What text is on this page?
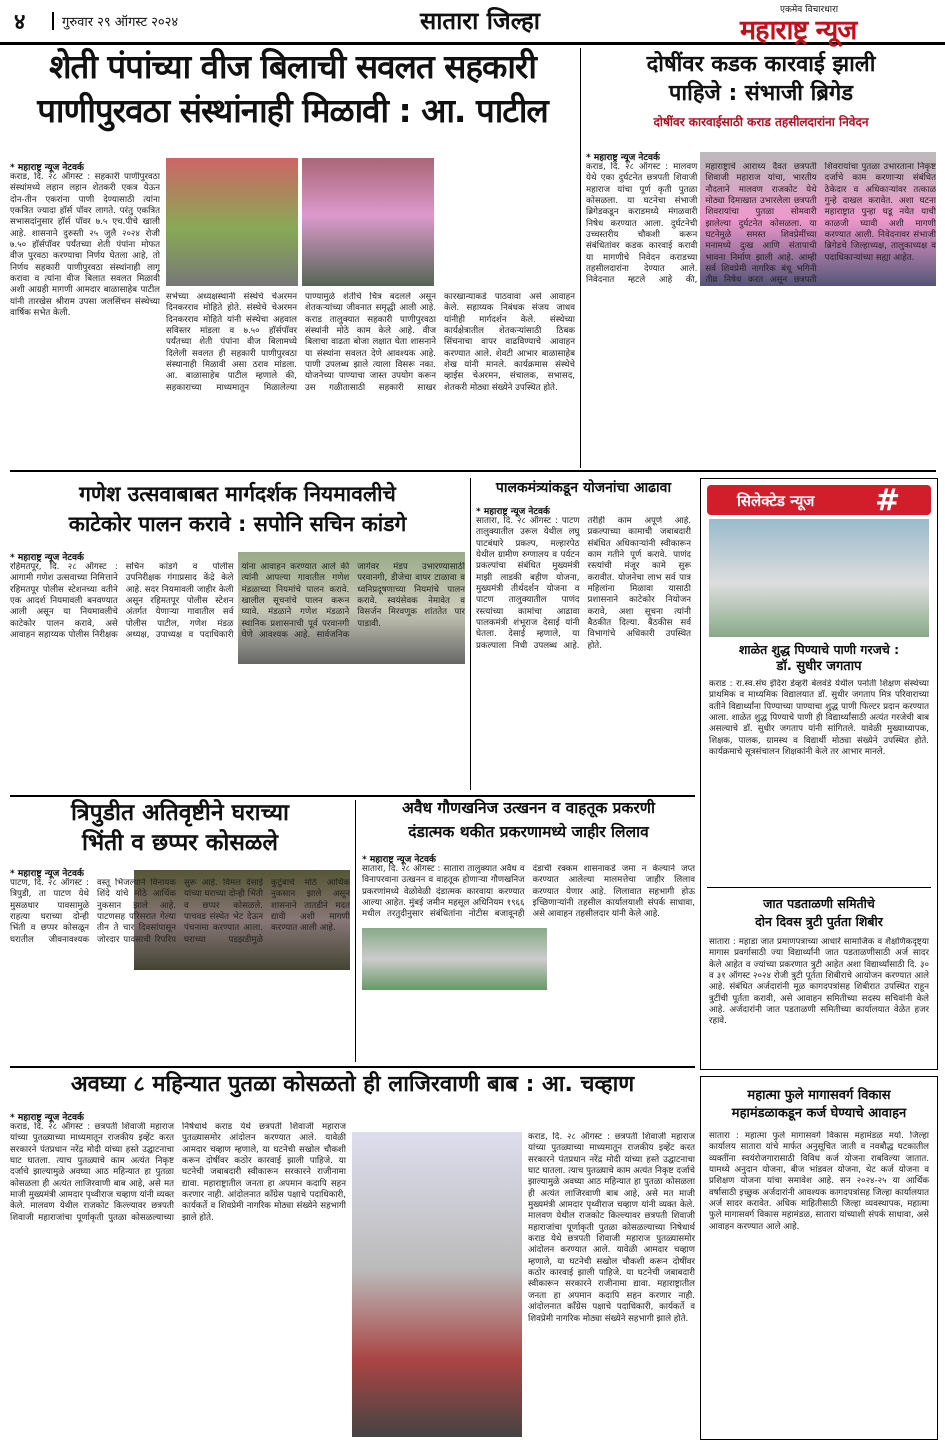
४	गुरुवार २९ ऑगस्ट २०२४	सातारा जिल्हा	एकमेव विचारधारा
महाराष्ट्र न्यूज
शेती पंपांच्या वीज बिलाची सवलत सहकारी
पाणीपुरवठा संस्थांनाही मिळावी : आ. पाटील
* महाराष्ट्र न्यूज नेटवर्क

कराड, दि. २८ ऑगस्ट : सहकारी पाणीपुरवठा संस्थांमध्ये लहान लहान शेतकरी एकत्र येऊन दोन-तीन एकरांना पाणी देण्यासाठी त्यांना एकत्रित ज्यादा हॉर्स पॉवर लागते. परंतु एकत्रित सभासदांनुसार हॉर्स पॉवर ७.५ एच.पीचे खाली आहे. शासनाने दुरुस्ती २५ जुलै २०२४ रोजी ७.५० हॉर्सपॉवर पर्यंतच्या शेती पंपांना मोफत वीज पुरवठा करण्याचा निर्णय घेतला आहे, तो निर्णय सहकारी पाणीपुरवठा संस्थांनाही लागू करावा व त्यांना वीज बिलात सवलत मिळावी अशी आग्रही मागणी आमदार बाळासाहेब पाटील यांनी तारखेस श्रीराम उपसा जलसिंचन संस्थेच्या वार्षिक सभेत केली.

सभेच्या अध्यक्षस्थानी संस्थेचे चेअरमन दिनकरराव मोहिते होते. संस्थेचे चेअरमन दिनकरराव मोहिते यांनी संस्थेचा अहवाल सविस्तर मांडला व ७.५० हॉर्सपॉवर पर्यंतच्या शेती पंपांना वीज बिलामध्ये दिलेली सवलत ही सहकारी पाणीपुरवठा संस्थानाही मिळावी असा ठराव मांडला. आ. बाळासाहेब पाटील म्हणाले की, सहकाराच्या माध्यमातून मिळालेल्या पाण्यामुळे शेतीचे चित्र बदलले असून शेतकऱ्यांच्या जीवनात समृद्धी आली आहे. कराड तालुक्यात सहकारी पाणीपुरवठा संस्थांनी मोठे काम केले आहे. वीज बिलाचा वाढता बोजा लक्षात घेता शासनाने या संस्थांना सवलत देणे आवश्यक आहे. पाणी उपलब्ध झाले त्याला विसरू नका. योजनेच्या पाण्याचा जास्त उपयोग करून उस गळीतासाठी सहकारी साखर कारखान्याकडे पाठवावा असे आवाहन केले. सहाय्यक निबंधक संजय जाधव यांनीही मार्गदर्शन केले. संस्थेच्या कार्यक्षेत्रातील शेतकऱ्यांसाठी ठिबक सिंचनाचा वापर वाढविण्याचे आवाहन करण्यात आले. शेवटी आभार बाळासाहेब शेख यांनी मानले. कार्यक्रमास संस्थेचे व्हाईस चेअरमन, संचालक, सभासद, शेतकरी मोठ्या संख्येने उपस्थित होते.

दोषींवर कडक कारवाई झाली
पाहिजे : संभाजी ब्रिगेड
दोषींवर कारवाईसाठी कराड तहसीलदारांना निवेदन
* महाराष्ट्र न्यूज नेटवर्क

कराड, दि. २८ ऑगस्ट : मालवण येथे एका दुर्घटनेत छत्रपती शिवाजी महाराज यांचा पूर्ण कृती पुतळा कोसळला. या घटनेचा संभाजी ब्रिगेडकडून कराडमध्ये मंगळवारी निषेध करण्यात आला. दुर्घटनेची उच्चस्तरीय चौकशी करून संबंधितांवर कडक कारवाई करावी या मागणीचे निवेदन कराडच्या तहसीलदारांना देण्यात आले. निवेदनात म्हटले आहे की, महाराष्ट्राचे आराध्य दैवत छत्रपती शिवाजी महाराज यांचा, भारतीय नौदलाने मालवण राजकोट येथे मोठ्या दिमाखात उभारलेला छत्रपती शिवरायांचा पुतळा सोमवारी झालेल्या दुर्घटनेत कोसळला. या घटनेमुळे समस्त शिवप्रेमींच्या मनामध्ये दुःख आणि संतापाची भावना निर्माण झाली आहे. आम्ही सर्व शिवप्रेमी नागरिक बंधू भगिनी तीव्र निषेध करत असून छत्रपती शिवरायांचा पुतळा उभारताना निकृष्ट दर्जाचे काम करणाऱ्या संबंधित ठेकेदार व अधिकाऱ्यांवर तत्काळ गुन्हे दाखल करावेत. अशा घटना महाराष्ट्रात पुन्हा घडू नयेत याची काळजी घ्यावी अशी मागणी करण्यात आली. निवेदनावर संभाजी ब्रिगेडचे जिल्हाध्यक्ष, तालुकाध्यक्ष व पदाधिकाऱ्यांच्या सह्या आहेत.

गणेश उत्सवाबाबत मार्गदर्शक नियमावलीचे
काटेकोर पालन करावे : सपोनि सचिन कांडगे
* महाराष्ट्र न्यूज नेटवर्क

रहिमतपूर, दि. २८ ऑगस्ट : आगामी गणेश उत्सवाच्या निमित्ताने रहिमतपूर पोलीस स्टेशनच्या वतीने एक आदर्श नियमावली बनवण्यात आली असून या नियमावलीचे काटेकोर पालन करावे, असे आवाहन सहाय्यक पोलीस निरीक्षक सचिन कांडगे व पोलीस उपनिरीक्षक गंगाप्रसाद केंद्रे केले आहे. सदर नियमावली जाहीर केली असून रहिमतपूर पोलीस स्टेशन अंतर्गत येणाऱ्या गावातील सर्व पोलीस पाटील, गणेश मंडळ अध्यक्ष, उपाध्यक्ष व पदाधिकारी यांना आवाहन करण्यात आले की त्यांनी आपल्या गावातील गणेश मंडळाच्या नियमांचे पालन करावे. खालील सूचनांचे पालन करून घ्यावे. मंडळाने गणेश मंडळाने स्थानिक प्रशासनाची पूर्व परवानगी घेणे आवश्यक आहे. सार्वजनिक जागेवर मंडप उभारण्यासाठी परवानगी, डीजेचा वापर टाळावा व ध्वनिप्रदूषणाच्या नियमांचे पालन करावे. स्वयंसेवक नेमावेत व विसर्जन मिरवणूक शांततेत पार पाडावी.

पालकमंत्र्यांकडून योजनांचा आढावा
* महाराष्ट्र न्यूज नेटवर्क

सातारा, दि. २८ ऑगस्ट : पाटण तालुक्यातील उरूल येथील लघु पाटबंधारे प्रकल्प, मल्हारपेठ येथील ग्रामीण रुग्णालय व पर्यटन प्रकल्पांचा संबंधित मुख्यमंत्री माझी लाडकी बहीण योजना, मुख्यमंत्री तीर्थदर्शन योजना व पाटण तालुक्यातील पाणंद रस्त्यांच्या कामांचा आढावा पालकमंत्री शंभूराज देसाई यांनी घेतला. देसाई म्हणाले, या प्रकल्पाला निधी उपलब्ध आहे. तरीही काम अपूर्ण आहे. प्रकल्पाच्या कामाची जबाबदारी संबंधित अधिकाऱ्यांनी स्वीकारून काम गतीने पूर्ण करावे. पाणंद रस्त्यांची मंजूर कामे सुरू करावीत. योजनेचा लाभ सर्व पात्र महिलांना मिळावा यासाठी प्रशासनाने काटेकोर नियोजन करावे, अशा सूचना त्यांनी बैठकीत दिल्या. बैठकीस सर्व विभागांचे अधिकारी उपस्थित होते.

सिलेक्टेड न्यूज #
शाळेत शुद्ध पिण्याचे पाणी गरजचे :
डॉ. सुधीर जगताप

कराड : रा.स्व.संघ इंदिरा डेव्हरी बेलवंडे येथील पनोती शिक्षण संस्थेच्या प्राथमिक व माध्यमिक विद्यालयात डॉ. सुधीर जगताप मित्र परिवाराच्या वतीने विद्यार्थ्यांना पिण्याच्या पाण्याचा शुद्ध पाणी फिल्टर प्रदान करण्यात आला. शाळेत शुद्ध पिण्याचे पाणी ही विद्यार्थ्यांसाठी अत्यंत गरजेची बाब असल्याचे डॉ. सुधीर जगताप यांनी सांगितले. यावेळी मुख्याध्यापक, शिक्षक, पालक, ग्रामस्थ व विद्यार्थी मोठ्या संख्येने उपस्थित होते. कार्यक्रमाचे सूत्रसंचालन शिक्षकांनी केले तर आभार मानले.

जात पडताळणी समितीचे
दोन दिवस त्रुटी पुर्तता शिबीर

सातारा : महाडा जात प्रमाणपत्राच्या आधारे सामाजिक व शैक्षणिकदृष्ट्या मागास प्रवर्गासाठी ज्या विद्यार्थ्यांनी जात पडताळणीसाठी अर्ज सादर केले आहेत व ज्यांच्या प्रकरणात त्रुटी आहेत अशा विद्यार्थ्यांसाठी दि. ३० व ३१ ऑगस्ट २०२४ रोजी त्रुटी पूर्तता शिबीराचे आयोजन करण्यात आले आहे. संबंधित अर्जदारांनी मूळ कागदपत्रांसह शिबीरात उपस्थित राहून त्रुटींची पूर्तता करावी, असे आवाहन समितीच्या सदस्य सचिवांनी केले आहे. अर्जदारांनी जात पडताळणी समितीच्या कार्यालयात वेळेत हजर रहावे.

त्रिपुडीत अतिवृष्टीने घराच्या
भिंती व छप्पर कोसळले
* महाराष्ट्र न्यूज नेटवर्क

पाटण, दि. २८ ऑगस्ट : त्रिपुडी, ता पाटण येथे मुसळधार पावसामुळे राहत्या घराच्या दोन्ही भिंती व छप्पर कोसळून घरातील जीवनावश्यक वस्तू भिजल्याने विनायक शिंदे यांचे मोठे आर्थिक नुकसान झाले आहे. पाटणसह परिसरात गेल्या तीन ते चार दिवसांपासून जोरदार पावसाची रिपरिप सुरू आहे. विमल देसाई यांच्या घराच्या दोन्ही भिंती व छप्पर कोसळले. पाचवड संस्थेत भेट देऊन पंचनामा करण्यात आला. घराच्या पडझडीमुळे कुटुंबाचे मोठे आर्थिक नुकसान झाले असून शासनाने तातडीने मदत द्यावी अशी मागणी करण्यात आली आहे.

अवैध गौणखनिज उत्खनन व वाहतूक प्रकरणी
दंडात्मक थकीत प्रकरणामध्ये जाहीर लिलाव
* महाराष्ट्र न्यूज नेटवर्क

सातारा, दि. २८ ऑगस्ट : सातारा तालुक्यात अवैध व विनापरवाना उत्खनन व वाहतूक होणाऱ्या गौणखनिज प्रकरणांमध्ये वेळोवेळी दंडात्मक कारवाया करण्यात आल्या आहेत. मुंबई जमीन महसूल अधिनियम १९६६ मधील तरतुदीनुसार संबंधितांना नोटीस बजावूनही दंडाची रक्कम शासनाकडे जमा न केल्याने जप्त करण्यात आलेल्या मालमत्तेचा जाहीर लिलाव करण्यात येणार आहे. लिलावात सहभागी होऊ इच्छिणाऱ्यांनी तहसील कार्यालयाशी संपर्क साधावा, असे आवाहन तहसीलदार यांनी केले आहे.

अवघ्या ८ महिन्यात पुतळा कोसळतो ही लाजिरवाणी बाब : आ. चव्हाण
* महाराष्ट्र न्यूज नेटवर्क

कराड, दि. २८ ऑगस्ट : छत्रपती शिवाजी महाराज यांच्या पुतळ्याच्या माध्यमातून राजकीय इव्हेंट करत सरकारने पंतप्रधान नरेंद्र मोदी यांच्या हस्ते उद्घाटनाचा घाट घातला. त्याच पुतळ्याचे काम अत्यंत निकृष्ट दर्जाचे झाल्यामुळे अवघ्या आठ महिन्यात हा पुतळा कोसळला ही अत्यंत लाजिरवाणी बाब आहे, असे मत माजी मुख्यमंत्री आमदार पृथ्वीराज चव्हाण यांनी व्यक्त केले. मालवण येथील राजकोट किल्ल्यावर छत्रपती शिवाजी महाराजांचा पूर्णाकृती पुतळा कोसळल्याच्या निषेधार्थ कराड येथे छत्रपती शिवाजी महाराज पुतळ्यासमोर आंदोलन करण्यात आले. यावेळी आमदार चव्हाण म्हणाले, या घटनेची सखोल चौकशी करून दोषींवर कठोर कारवाई झाली पाहिजे. या घटनेची जबाबदारी स्वीकारून सरकारने राजीनामा द्यावा. महाराष्ट्रातील जनता हा अपमान कदापि सहन करणार नाही. आंदोलनात काँग्रेस पक्षाचे पदाधिकारी, कार्यकर्ते व शिवप्रेमी नागरिक मोठ्या संख्येने सहभागी झाले होते.

कराड, दि. २८ ऑगस्ट : छत्रपती शिवाजी महाराज यांच्या पुतळ्याच्या माध्यमातून राजकीय इव्हेंट करत सरकारने पंतप्रधान नरेंद्र मोदी यांच्या हस्ते उद्घाटनाचा घाट घातला. त्याच पुतळ्याचे काम अत्यंत निकृष्ट दर्जाचे झाल्यामुळे अवघ्या आठ महिन्यात हा पुतळा कोसळला ही अत्यंत लाजिरवाणी बाब आहे, असे मत माजी मुख्यमंत्री आमदार पृथ्वीराज चव्हाण यांनी व्यक्त केले. मालवण येथील राजकोट किल्ल्यावर छत्रपती शिवाजी महाराजांचा पूर्णाकृती पुतळा कोसळल्याच्या निषेधार्थ कराड येथे छत्रपती शिवाजी महाराज पुतळ्यासमोर आंदोलन करण्यात आले. यावेळी आमदार चव्हाण म्हणाले, या घटनेची सखोल चौकशी करून दोषींवर कठोर कारवाई झाली पाहिजे. या घटनेची जबाबदारी स्वीकारून सरकारने राजीनामा द्यावा. महाराष्ट्रातील जनता हा अपमान कदापि सहन करणार नाही. आंदोलनात काँग्रेस पक्षाचे पदाधिकारी, कार्यकर्ते व शिवप्रेमी नागरिक मोठ्या संख्येने सहभागी झाले होते.

महात्मा फुले मागासवर्ग विकास
महामंडळाकडून कर्ज घेण्याचे आवाहन

सातारा : महात्मा फुले मागासवर्ग विकास महामंडळ मर्या. जिल्हा कार्यालय सातारा यांचे मार्फत अनुसूचित जाती व नवबौद्ध घटकातील व्यक्तींना स्वयंरोजगारासाठी विविध कर्ज योजना राबविल्या जातात. यामध्ये अनुदान योजना, बीज भांडवल योजना, थेट कर्ज योजना व प्रशिक्षण योजना यांचा समावेश आहे. सन २०२४-२५ या आर्थिक वर्षासाठी इच्छुक अर्जदारांनी आवश्यक कागदपत्रांसह जिल्हा कार्यालयात अर्ज सादर करावेत. अधिक माहितीसाठी जिल्हा व्यवस्थापक, महात्मा फुले मागासवर्ग विकास महामंडळ, सातारा यांच्याशी संपर्क साधावा, असे आवाहन करण्यात आले आहे.
